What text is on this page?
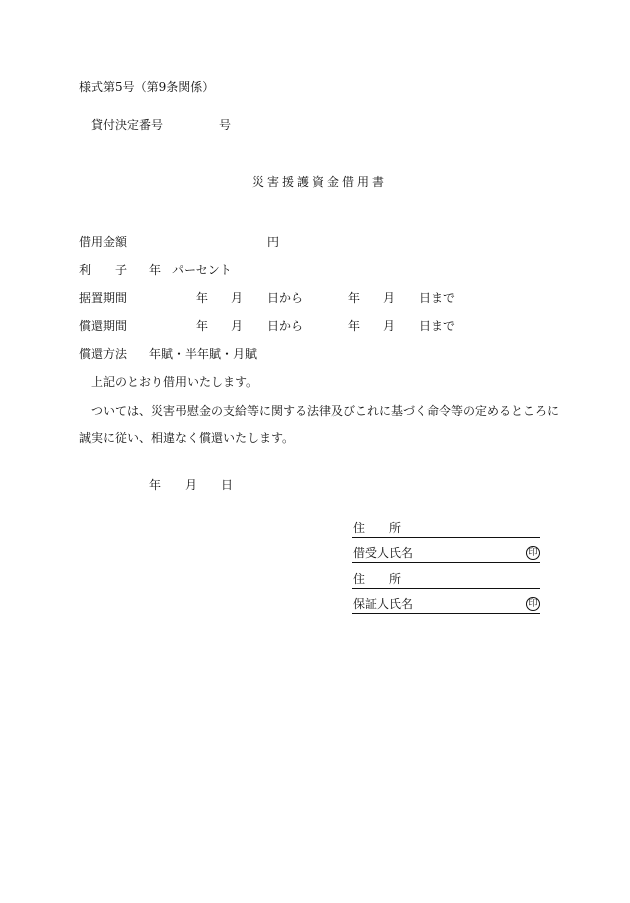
様式第5号（第9条関係）
貸付決定番号	号
災害援護資金借用書
借用金額	円
利 子 年 パーセント
据置期間	年 月 日から	年 月 日まで
償還期間	年 月 日から	年 月 日まで
償還方法 年賦・半年賦・月賦
上記のとおり借用いたします。
ついては、災害弔慰金の支給等に関する法律及びこれに基づく命令等の定めるところに
誠実に従い、相違なく償還いたします。
年 月 日
住　　所
借受人氏名	印
住　　所
保証人氏名	印
